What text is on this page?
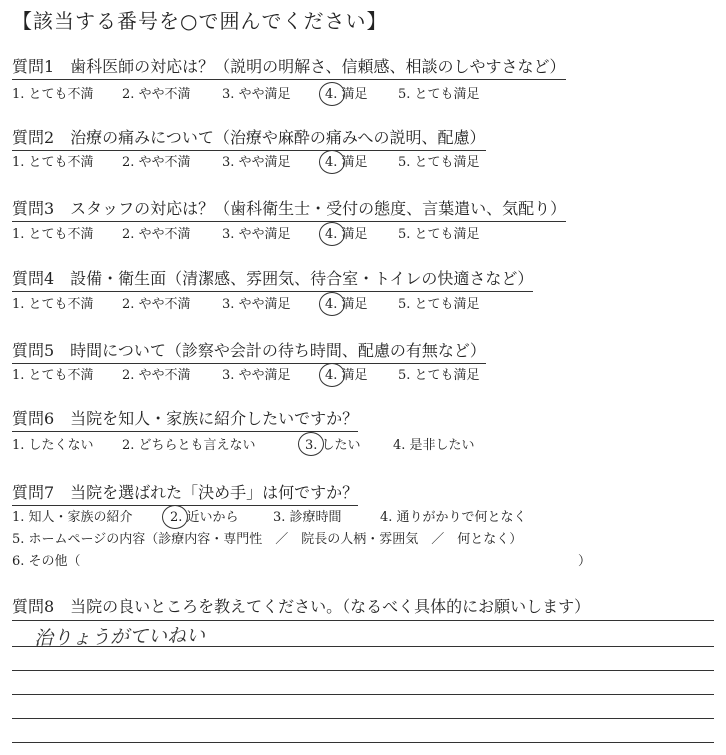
【該当する番号を○で囲んでください】
質問1　歯科医師の対応は？（説明の明解さ、信頼感、相談のしやすさなど）
1. とても不満 2. やや不満 3. やや満足	4. 満足 5. とても満足
質問2　治療の痛みについて（治療や麻酔の痛みへの説明、配慮）
1. とても不満 2. やや不満 3. やや満足	4. 満足 5. とても満足
質問3　スタッフの対応は？（歯科衛生士・受付の態度、言葉遣い、気配り）
1. とても不満 2. やや不満 3. やや満足	4. 満足 5. とても満足
質問4　設備・衛生面（清潔感、雰囲気、待合室・トイレの快適さなど）
1. とても不満 2. やや不満 3. やや満足	4. 満足 5. とても満足
質問5　時間について（診察や会計の待ち時間、配慮の有無など）
1. とても不満 2. やや不満 3. やや満足	4. 満足 5. とても満足
質問6　当院を知人・家族に紹介したいですか？
1. したくない 2. どちらとも言えない	3. したい 4. 是非したい
質問7　当院を選ばれた「決め手」は何ですか？
1. 知人・家族の紹介	2. 近いから	3. 診療時間	4. 通りがかりで何となく
5. ホームページの内容（診療内容・専門性　／　院長の人柄・雰囲気　／　何となく）
6. その他（	）
質問8　当院の良いところを教えてください。（なるべく具体的にお願いします）
治りょうがていねい
